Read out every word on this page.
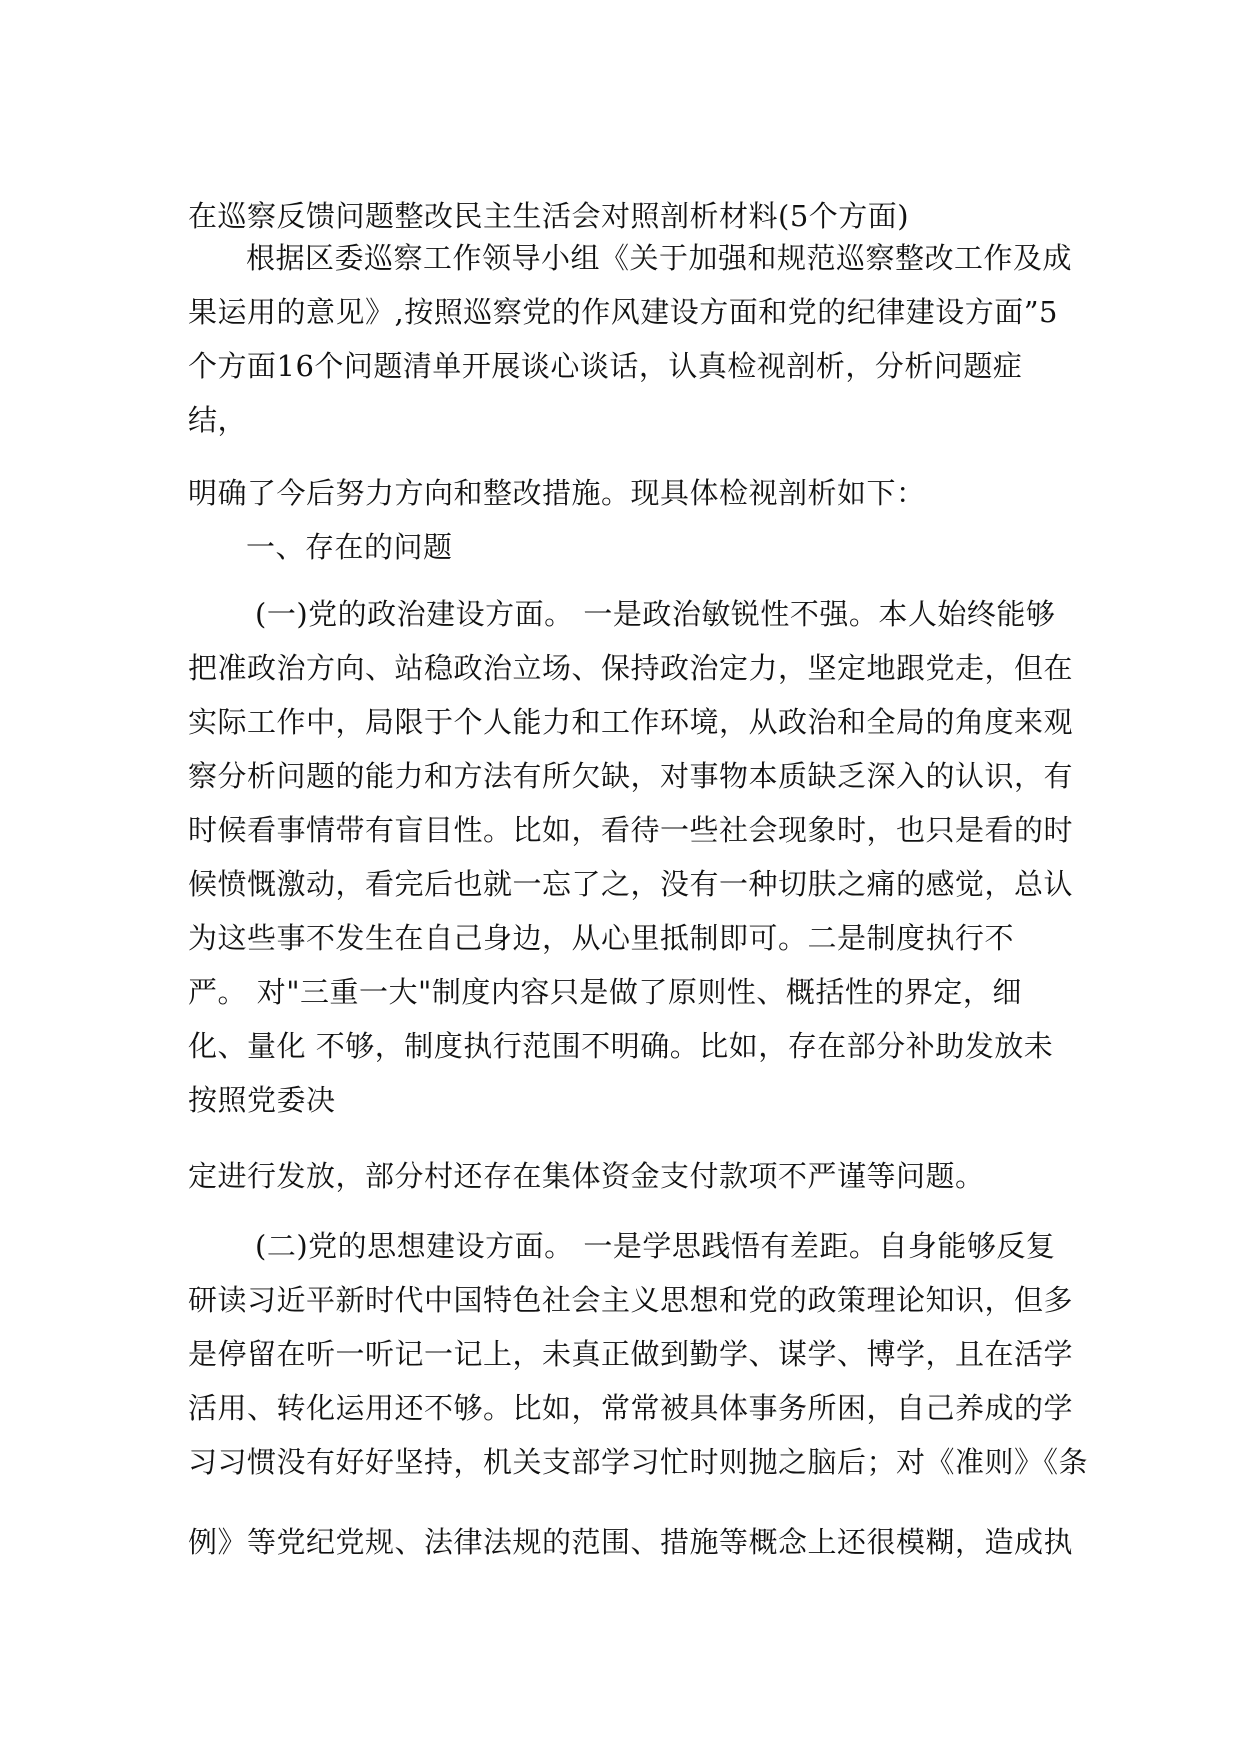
在巡察反馈问题整改民主生活会对照剖析材料(5个方面)
根据区委巡察工作领导小组《关于加强和规范巡察整改工作及成
果运用的意见》,按照巡察党的作风建设方面和党的纪律建设方面”5
个方面16个问题清单开展谈心谈话，认真检视剖析，分析问题症
结，
明确了今后努力方向和整改措施。现具体检视剖析如下：
一、存在的问题
(一)党的政治建设方面。 一是政治敏锐性不强。本人始终能够
把准政治方向、站稳政治立场、保持政治定力，坚定地跟党走，但在
实际工作中，局限于个人能力和工作环境，从政治和全局的角度来观
察分析问题的能力和方法有所欠缺，对事物本质缺乏深入的认识，有
时候看事情带有盲目性。比如，看待一些社会现象时，也只是看的时
候愤慨激动，看完后也就一忘了之，没有一种切肤之痛的感觉，总认
为这些事不发生在自己身边，从心里抵制即可。二是制度执行不
严。 对"三重一大"制度内容只是做了原则性、概括性的界定，细
化、量化 不够，制度执行范围不明确。比如，存在部分补助发放未
按照党委决
定进行发放，部分村还存在集体资金支付款项不严谨等问题。
(二)党的思想建设方面。 一是学思践悟有差距。自身能够反复
研读习近平新时代中国特色社会主义思想和党的政策理论知识，但多
是停留在听一听记一记上，未真正做到勤学、谋学、博学，且在活学
活用、转化运用还不够。比如，常常被具体事务所困，自己养成的学
习习惯没有好好坚持，机关支部学习忙时则抛之脑后；对《准则》《条
例》等党纪党规、法律法规的范围、措施等概念上还很模糊，造成执
